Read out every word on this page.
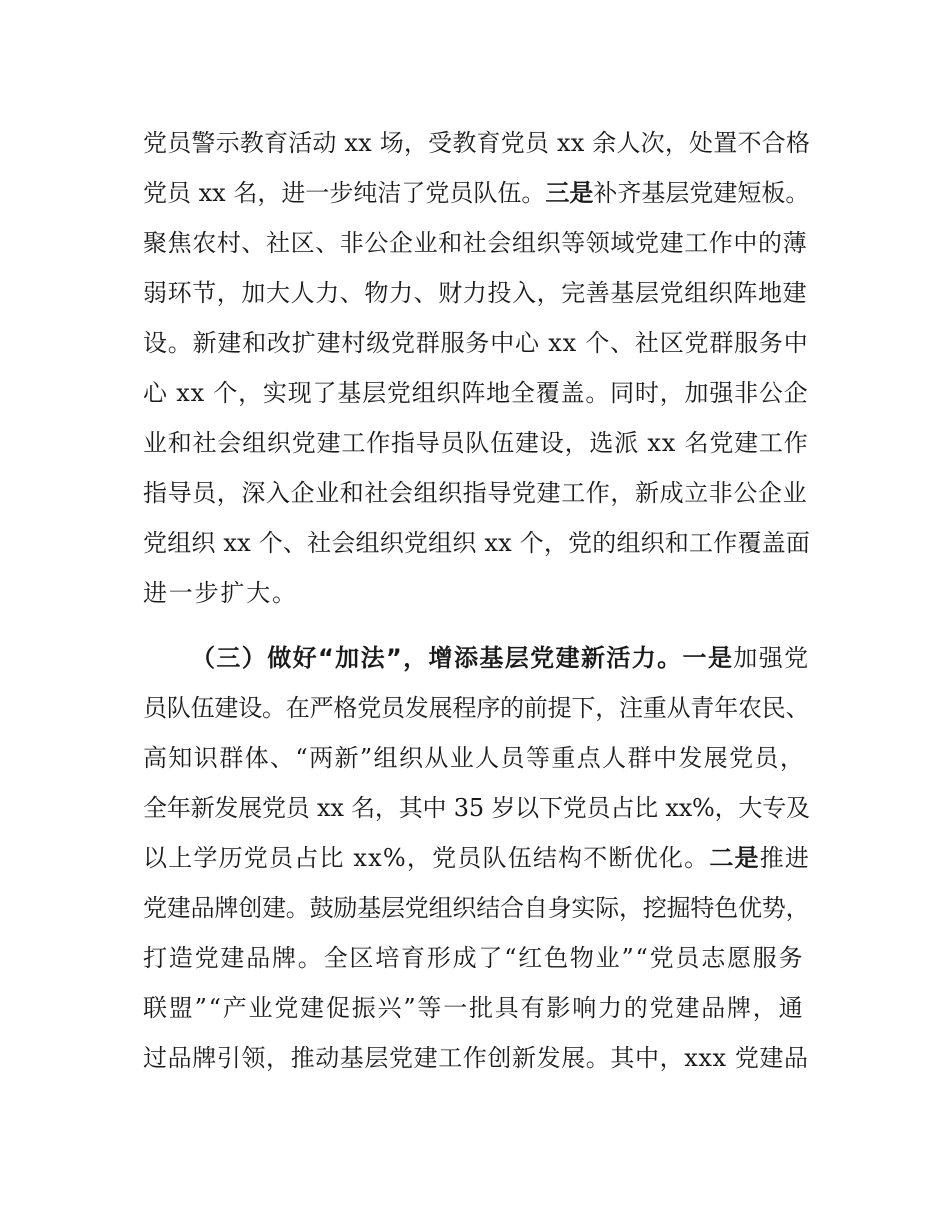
党员警示教育活动 xx 场，受教育党员 xx 余人次，处置不合格
党员 xx 名，进一步纯洁了党员队伍。三是补齐基层党建短板。
聚焦农村、社区、非公企业和社会组织等领域党建工作中的薄
弱环节，加大人力、物力、财力投入，完善基层党组织阵地建
设。新建和改扩建村级党群服务中心 xx 个、社区党群服务中
心 xx 个，实现了基层党组织阵地全覆盖。同时，加强非公企
业和社会组织党建工作指导员队伍建设，选派 xx 名党建工作
指导员，深入企业和社会组织指导党建工作，新成立非公企业
党组织 xx 个、社会组织党组织 xx 个，党的组织和工作覆盖面
进一步扩大。
（三）做好“加法”，增添基层党建新活力。一是加强党
员队伍建设。在严格党员发展程序的前提下，注重从青年农民、
高知识群体、“两新”组织从业人员等重点人群中发展党员，
全年新发展党员 xx 名，其中 35 岁以下党员占比 xx%，大专及
以上学历党员占比 xx%，党员队伍结构不断优化。二是推进
党建品牌创建。鼓励基层党组织结合自身实际，挖掘特色优势，
打造党建品牌。全区培育形成了“红色物业”“党员志愿服务
联盟”“产业党建促振兴”等一批具有影响力的党建品牌，通
过品牌引领，推动基层党建工作创新发展。其中，xxx 党建品
